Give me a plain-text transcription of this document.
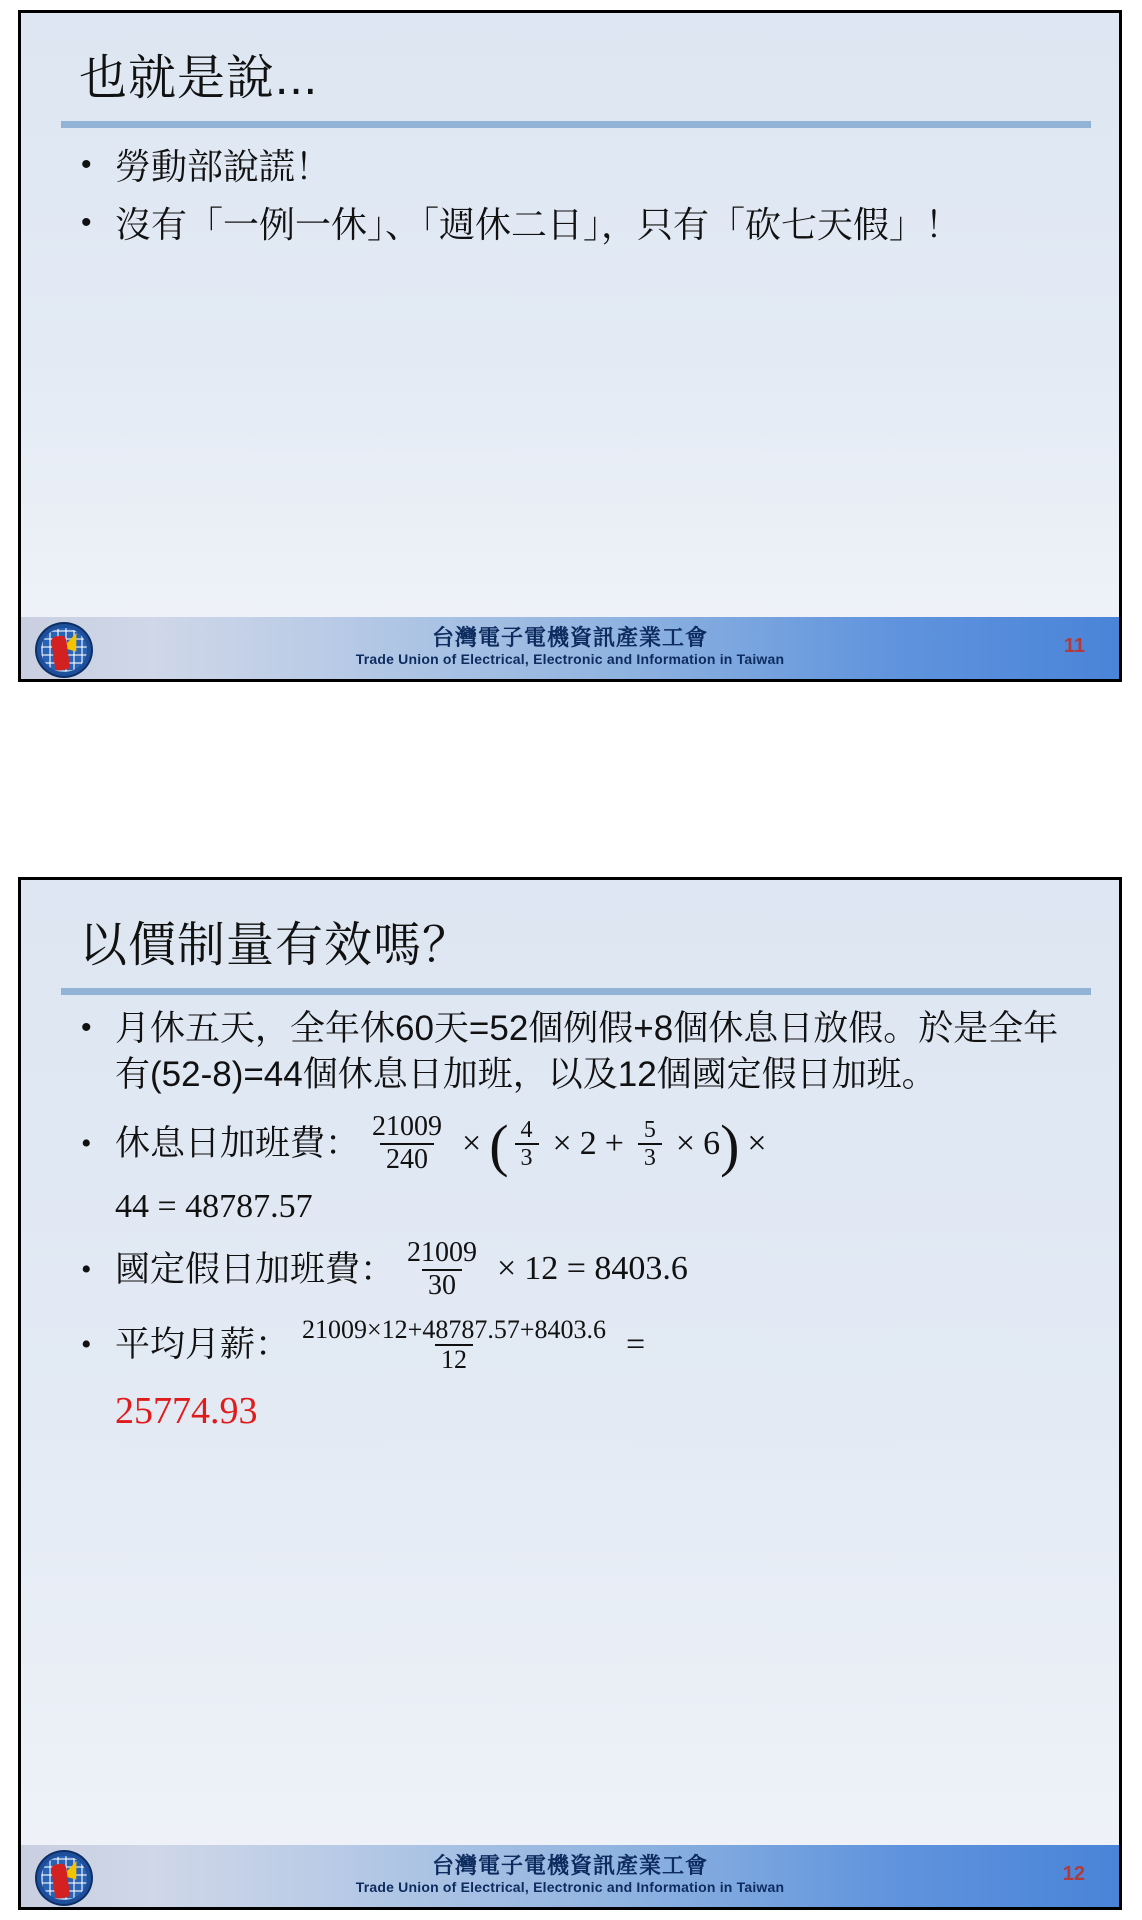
也就是說...
• 勞動部說謊！
• 沒有「一例一休」、「週休二日」，只有「砍七天假」！
台灣電子電機資訊產業工會
Trade Union of Electrical, Electronic and Information in Taiwan
11
以價制量有效嗎？
• 月休五天，全年休60天=52個例假+8個休息日放假。於是全年有(52-8)=44個休息日加班，以及12個國定假日加班。
• 休息日加班費： $\frac{21009}{240}$ × ( $\frac{4}{3} \times 2 + \frac{5}{3} \times 6$ ) ×
44 = 48787.57
• 國定假日加班費： $\frac{21009}{30} \times 12 = 8403.6$
• 平均月薪： $\frac{21009\times 12+48787.57+8403.6}{12}$ =
25774.93
台灣電子電機資訊產業工會
Trade Union of Electrical, Electronic and Information in Taiwan
12
